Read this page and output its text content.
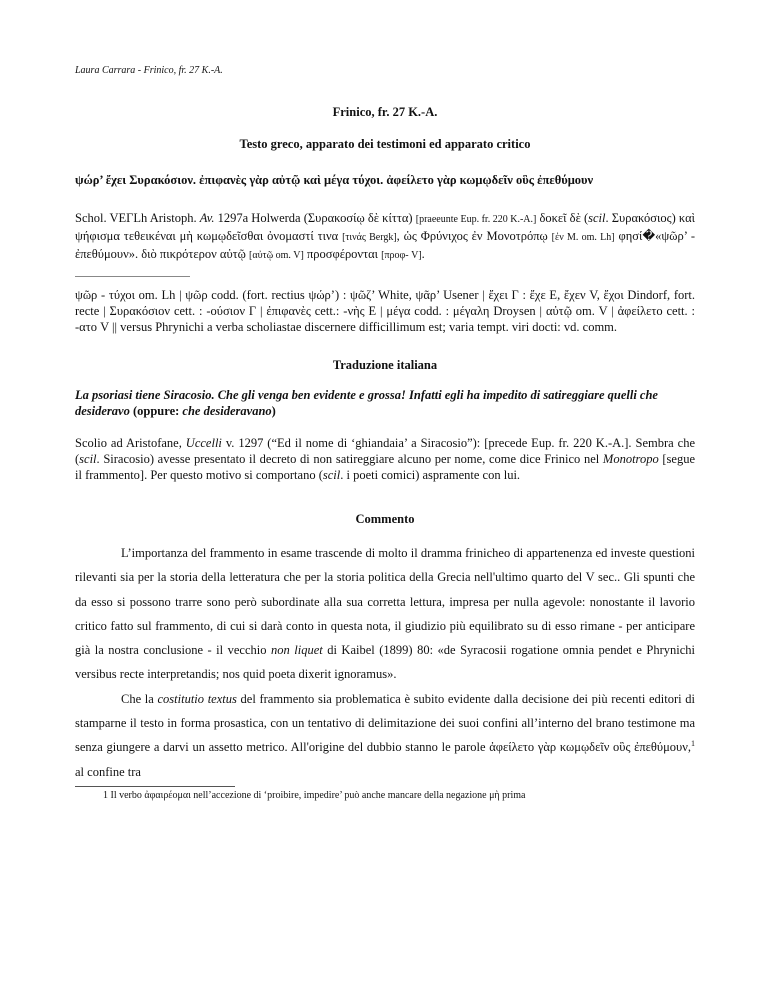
Laura Carrara - Frinico, fr. 27 K.-A.

Frinico, fr. 27 K.-A.

Testo greco, apparato dei testimoni ed apparato critico

ψώρ’ ἔχει Συρακόσιον. ἐπιφανὲς γὰρ αὐτῷ καὶ μέγα τύχοι. ἀφείλετο γὰρ κωμῳδεῖν οὓς ἐπεθύμουν

Schol. VEΓLh Aristoph. Av. 1297a Holwerda (Συρακοσίῳ δὲ κίττα) [praeeunte Eup. fr. 220 K.-A.] δοκεῖ δὲ (scil. Συρακόσιος) καὶ ψήφισμα τεθεικέναι μὴ κωμῳδεῖσθαι ὀνομαστί τινα [τινάς Bergk], ὡς Φρύνιχος ἐν Μονοτρόπῳ [ἐν M. om. Lh] φησί�«ψῶρ’ - ἐπεθύμουν». διὸ πικρότερον αὐτῷ [αὐτῷ om. V] προσφέρονται [προφ- V].

ψῶρ - τύχοι om. Lh | ψῶρ codd. (fort. rectius ψώρ’) : ψῶζ’ White, ψᾶρ’ Usener | ἔχει Γ : ἔχε E, ἔχεν V, ἔχοι Dindorf, fort. recte | Συρακόσιον cett. : -ούσιον Γ | ἐπιφανὲς cett.: -νὴς E | μέγα codd. : μέγαλη Droysen | αὐτῷ om. V | ἀφείλετο cett. : -ατο V || versus Phrynichi a verba scholiastae discernere difficillimum est; varia tempt. viri docti: vd. comm.

Traduzione italiana

La psoriasi tiene Siracosio. Che gli venga ben evidente e grossa! Infatti egli ha impedito di satireggiare quelli che desideravo (oppure: che desideravano)

Scolio ad Aristofane, Uccelli v. 1297 (“Ed il nome di ‘ghiandaia’ a Siracosio”): [precede Eup. fr. 220 K.-A.]. Sembra che (scil. Siracosio) avesse presentato il decreto di non satireggiare alcuno per nome, come dice Frinico nel Monotropo [segue il frammento]. Per questo motivo si comportano (scil. i poeti comici) aspramente con lui.

Commento

L’importanza del frammento in esame trascende di molto il dramma frinicheo di appartenenza ed investe questioni rilevanti sia per la storia della letteratura che per la storia politica della Grecia nell'ultimo quarto del V sec.. Gli spunti che da esso si possono trarre sono però subordinate alla sua corretta lettura, impresa per nulla agevole: nonostante il lavorio critico fatto sul frammento, di cui si darà conto in questa nota, il giudizio più equilibrato su di esso rimane - per anticipare già la nostra conclusione - il vecchio non liquet di Kaibel (1899) 80: «de Syracosii rogatione omnia pendet e Phrynichi versibus recte interpretandis; nos quid poeta dixerit ignoramus».

Che la costitutio textus del frammento sia problematica è subito evidente dalla decisione dei più recenti editori di stamparne il testo in forma prosastica, con un tentativo di delimitazione dei suoi confini all’interno del brano testimone ma senza giungere a darvi un assetto metrico. All'origine del dubbio stanno le parole ἀφείλετο γὰρ κωμῳδεῖν οὓς ἐπεθύμουν,$^1$ al confine tra

1 Il verbo ἀφαιρέομαι nell’accezione di ‘proibire, impedire’ può anche mancare della negazione μὴ prima
